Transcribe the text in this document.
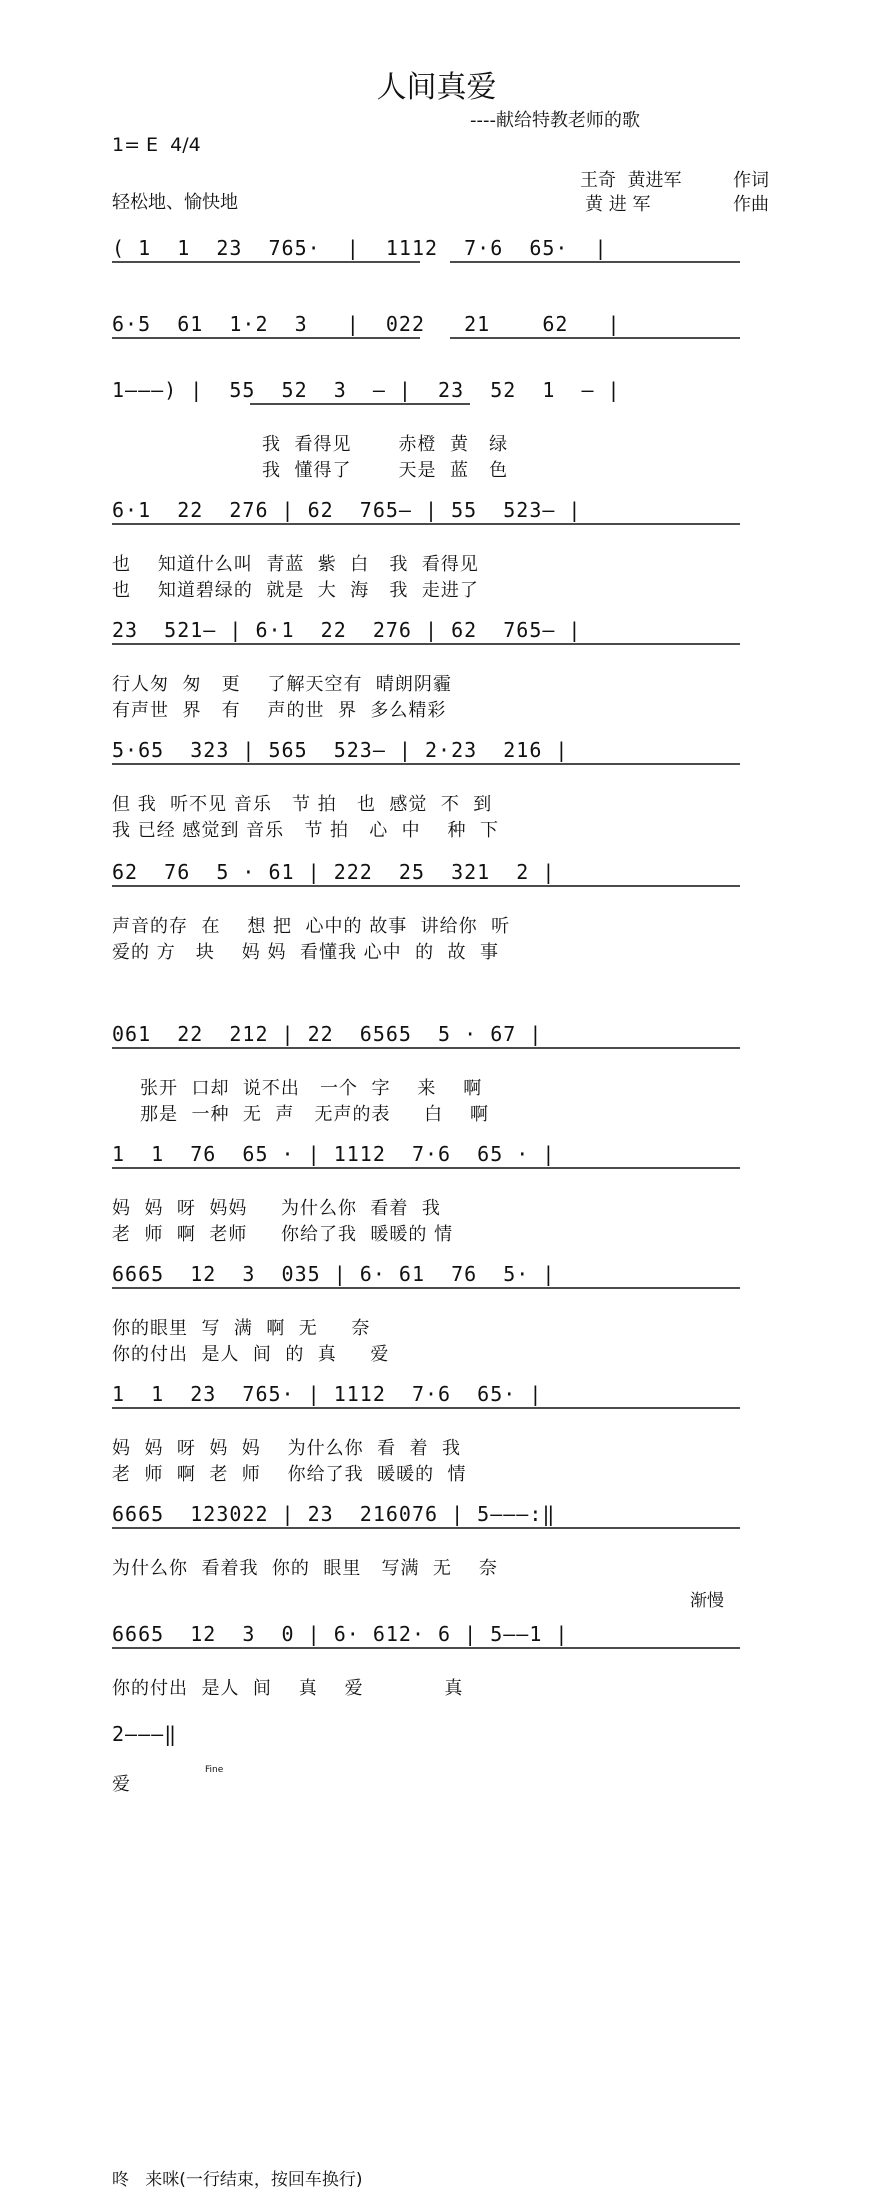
人间真爱
----献给特教老师的歌
1= E  4/4
王奇  黄进军	作词
黄 进 军	作曲
轻松地、愉快地
( 1  1  23  765·  |  1112  7·6  65·  |
6·5  61  1·2  3   |  022   21    62   |
1———) |  55  52  3  — |  23  52  1  — |
我  看得见       赤橙  黄   绿
我  懂得了       天是  蓝   色
6·1  22  276 | 62  765— | 55  523— |
也    知道什么叫  青蓝  紫  白   我  看得见
也    知道碧绿的  就是  大  海   我  走进了
23  521— | 6·1  22  276 | 62  765— |
行人匆  匆   更    了解天空有  晴朗阴霾
有声世  界   有    声的世  界  多么精彩
5·65  323 | 565  523— | 2·23  216 |
但 我  听不见 音乐   节 拍   也  感觉  不  到
我 已经 感觉到 音乐   节 拍   心  中    种  下
62  76  5 · 61 | 222  25  321  2 |
声音的存  在    想 把  心中的 故事  讲给你  听
爱的 方   块    妈 妈  看懂我 心中  的  故  事
061  22  212 | 22  6565  5 · 67 |
张开  口却  说不出   一个  字    来    啊
那是  一种  无  声   无声的表     白    啊
1  1  76  65 · | 1112  7·6  65 · |
妈  妈  呀  妈妈     为什么你  看着  我
老  师  啊  老师     你给了我  暖暖的 情
6665  12  3  035 | 6· 61  76  5· |
你的眼里  写  满  啊  无     奈
你的付出  是人  间  的  真     爱
1  1  23  765· | 1112  7·6  65· |
妈  妈  呀  妈  妈    为什么你  看  着  我
老  师  啊  老  师    你给了我  暖暖的  情
6665  123022 | 23  216076 | 5———:‖
为什么你  看着我  你的  眼里   写满  无    奈
渐慢
6665  12  3  0 | 6· 612· 6 | 5——1 |
你的付出  是人  间    真    爱            真
2———‖
Fine
爱
咚   来咪(一行结束，按回车换行)
